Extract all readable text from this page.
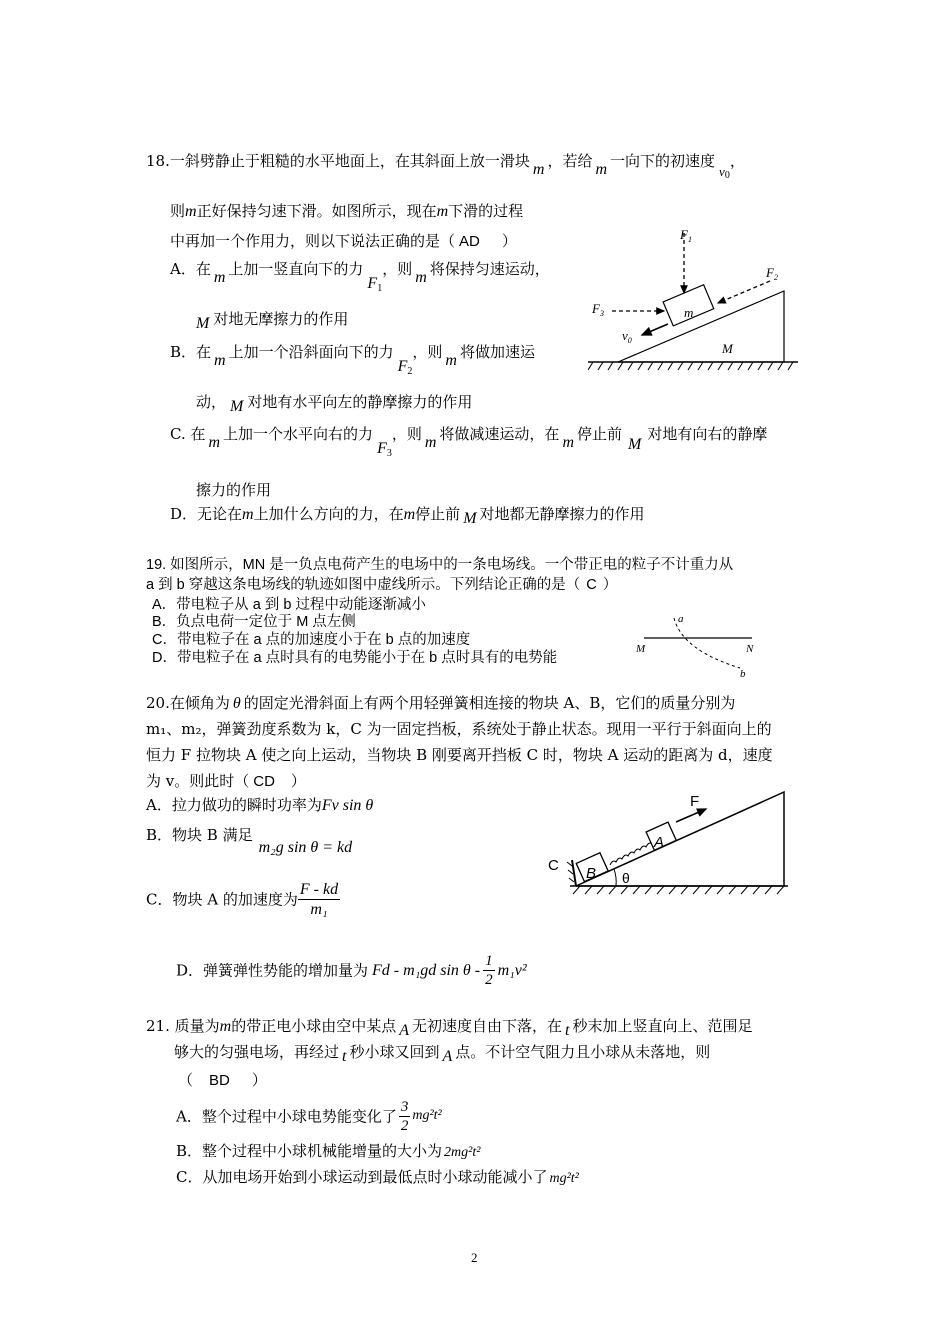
18.一斜劈静止于粗糙的水平地面上，在其斜面上放一滑块 m ，若给 m 一向下的初速度$v_0$，
则m正好保持匀速下滑。如图所示，现在m下滑的过程
中再加一个作用力，则以下说法正确的是（ AD ）
A．在 m 上加一竖直向下的力$F_1$，则 m 将保持匀速运动，
M 对地无摩擦力的作用
B．在 m 上加一个沿斜面向下的力$F_2$，则 m 将做加速运
动， M 对地有水平向左的静摩擦力的作用
C. 在 m 上加一个水平向右的力$F_3$，则 m 将做减速运动，在 m 停止前M对地有向右的静摩
擦力的作用
D．无论在m上加什么方向的力，在m停止前 M 对地都无静摩擦力的作用
$F_1$
$F_2$
$F_3$
$v_0$
m
M
19. 如图所示，MN 是一负点电荷产生的电场中的一条电场线。一个带正电的粒子不计重力从
a 到 b 穿越这条电场线的轨迹如图中虚线所示。下列结论正确的是（ C ）
A．带电粒子从 a 到 b 过程中动能逐渐减小
B．负点电荷一定位于 M 点左侧
C．带电粒子在 a 点的加速度小于在 b 点的加速度
D．带电粒子在 a 点时具有的电势能小于在 b 点时具有的电势能
a
b
M	N
20.在倾角为 θ 的固定光滑斜面上有两个用轻弹簧相连接的物块 A、B，它们的质量分别为
m₁、m₂，弹簧劲度系数为 k，C 为一固定挡板，系统处于静止状态。现用一平行于斜面向上的
恒力 F 拉物块 A 使之向上运动，当物块 B 刚要离开挡板 C 时，物块 A 运动的距离为 d，速度
为 v。则此时（ CD ）
A．拉力做功的瞬时功率为Fv sin θ
B．物块 B 满足m₂g sin θ = kd
C．物块 A 的加速度为 $\frac{F - kd}{\text{m₁}}$
D．弹簧弹性势能的增加量为 Fd - m₁gd sin θ - $\frac{1}{2} m_1v^2$
F
A
B
C
θ
21. 质量为m的带正电小球由空中某点 A 无初速度自由下落，在 t 秒末加上竖直向上、范围足
够大的匀强电场，再经过 t 秒小球又回到 A 点。不计空气阻力且小球从未落地，则
（ BD ）
A．整个过程中小球电势能变化了 $\frac{3}{2} mg^2t^2$
B．整个过程中小球机械能增量的大小为 2mg²t²
C．从加电场开始到小球运动到最低点时小球动能减小了 mg²t²
2
